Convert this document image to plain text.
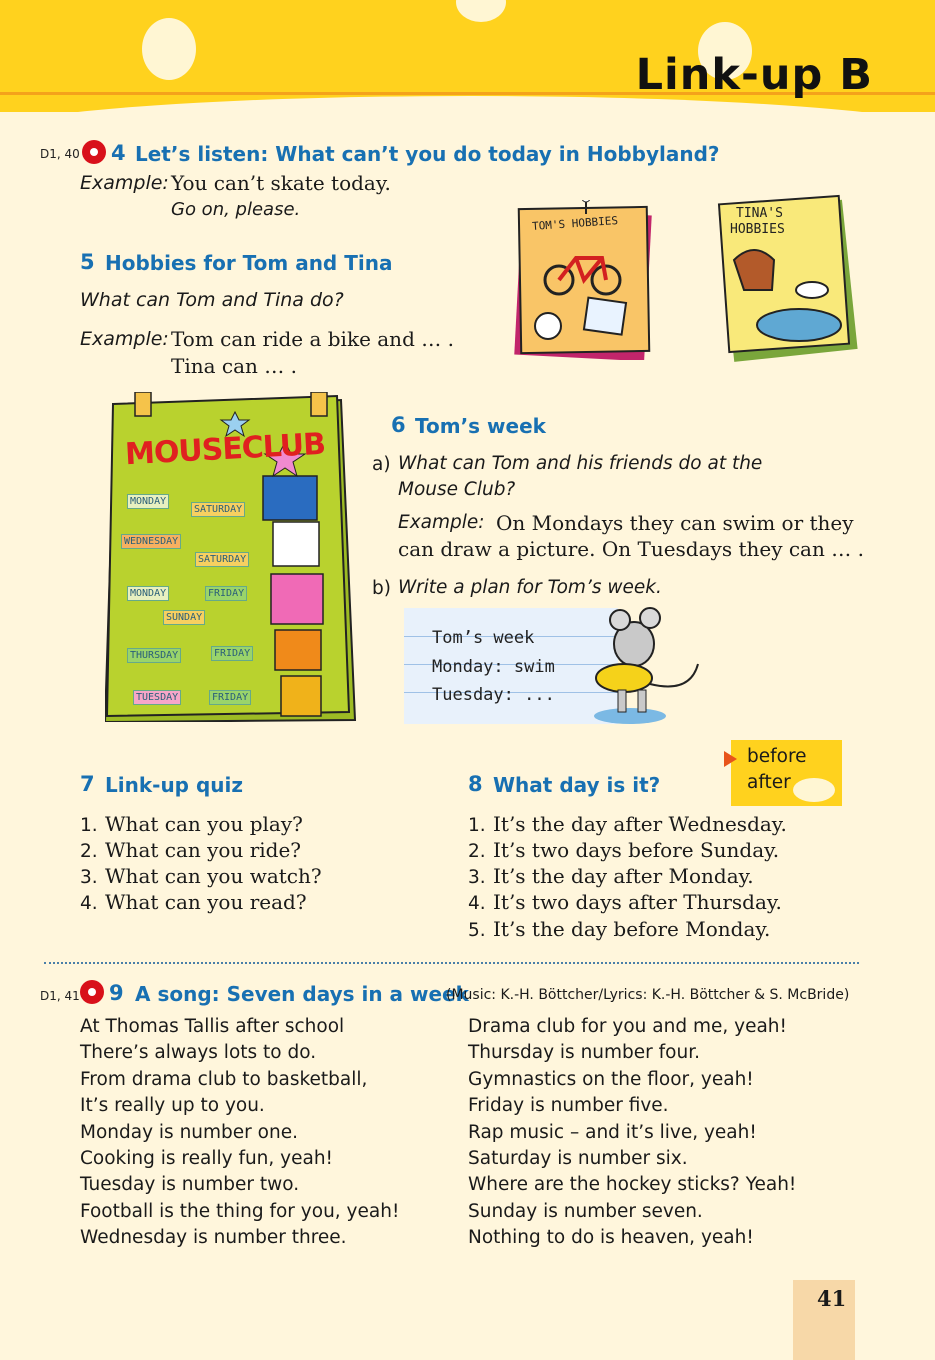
Link-up B
D1, 40 4 Let’s listen: What can’t you do today in Hobbyland?
Example: You can’t skate today.
Go on, please.
5 Hobbies for Tom and Tina
What can Tom and Tina do?
Example: Tom can ride a bike and … .
Tina can … .
TOM'S HOBBIES
TINA'S
HOBBIES
MOUSECLUB
MONDAY
SATURDAY
WEDNESDAY
SATURDAY
MONDAY	FRIDAY
SUNDAY
THURSDAY	FRIDAY
TUESDAY	FRIDAY
6 Tom’s week
a) What can Tom and his friends do at the
Mouse Club?
Example: On Mondays they can swim or they
can draw a picture. On Tuesdays they can … .
b) Write a plan for Tom’s week.
Tom’s week
Monday: swim
Tuesday: ...
7 Link-up quiz
1. What can you play?
2. What can you ride?
3. What can you watch?
4. What can you read?
8 What day is it?
before
after
1. It’s the day after Wednesday.
2. It’s two days before Sunday.
3. It’s the day after Monday.
4. It’s two days after Thursday.
5. It’s the day before Monday.
D1, 41 9 A song: Seven days in a week
(Music: K.-H. Böttcher/Lyrics: K.-H. Böttcher & S. McBride)
At Thomas Tallis after school
There’s always lots to do.
From drama club to basketball,
It’s really up to you.
Monday is number one.
Cooking is really fun, yeah!
Tuesday is number two.
Football is the thing for you, yeah!
Wednesday is number three.
Drama club for you and me, yeah!
Thursday is number four.
Gymnastics on the floor, yeah!
Friday is number five.
Rap music – and it’s live, yeah!
Saturday is number six.
Where are the hockey sticks? Yeah!
Sunday is number seven.
Nothing to do is heaven, yeah!
41
